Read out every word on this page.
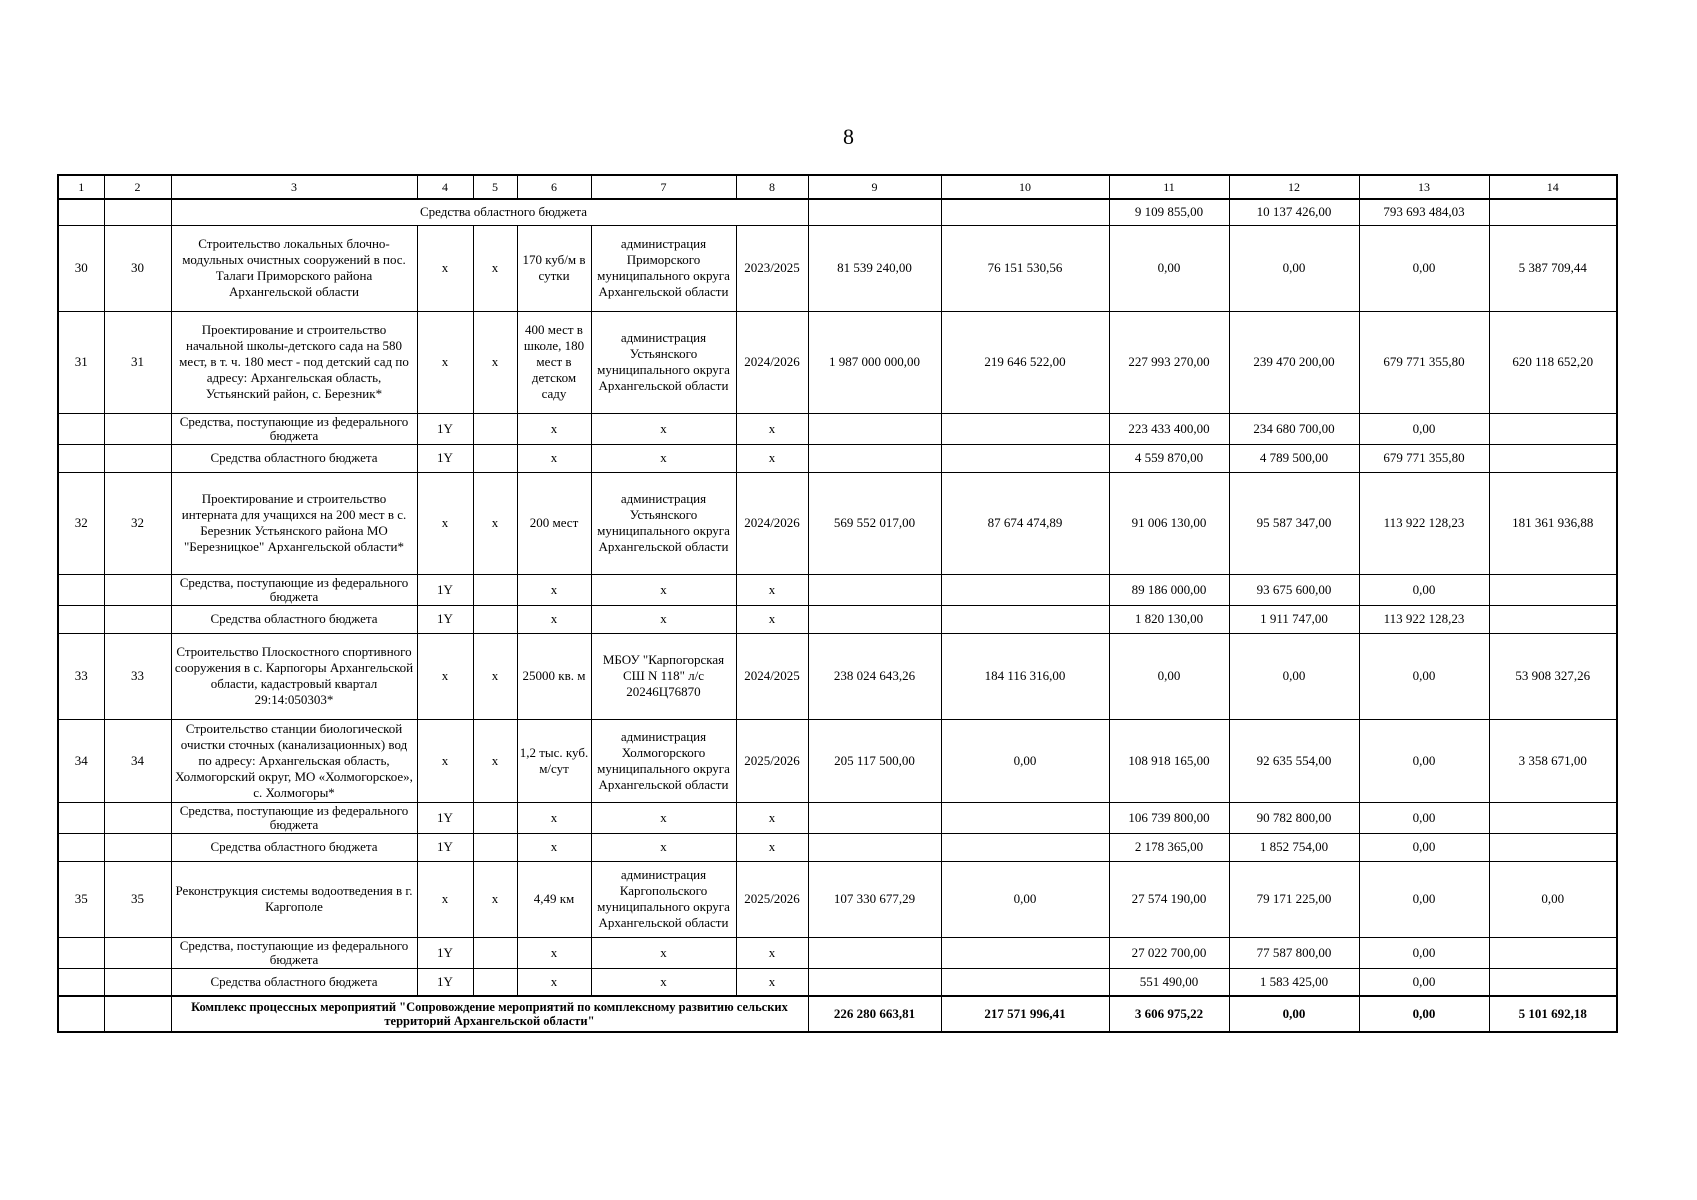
8
1	2	3	4	5	6	7	8	9	10	11	12	13	14
		Средства областного бюджета								9 109 855,00	10 137 426,00	793 693 484,03	
30	30	Строительство локальных блочно-модульных очистных сооружений в пос. Талаги Приморского района Архангельской области	x	x	170 куб/м в сутки	администрация Приморского муниципального округа Архангельской области	2023/2025	81 539 240,00	76 151 530,56	0,00	0,00	0,00	5 387 709,44
31	31	Проектирование и строительство начальной школы-детского сада на 580 мест, в т. ч. 180 мест - под детский сад по адресу: Архангельская область, Устьянский район, с. Березник*	x	x	400 мест в школе, 180 мест в детском саду	администрация Устьянского муниципального округа Архангельской области	2024/2026	1 987 000 000,00	219 646 522,00	227 993 270,00	239 470 200,00	679 771 355,80	620 118 652,20
		Средства, поступающие из федерального бюджета	1Y		x	x	x			223 433 400,00	234 680 700,00	0,00	
		Средства областного бюджета	1Y		x	x	x			4 559 870,00	4 789 500,00	679 771 355,80	
32	32	Проектирование и строительство интерната для учащихся на 200 мест в с. Березник Устьянского района МО "Березницкое" Архангельской области*	x	x	200 мест	администрация Устьянского муниципального округа Архангельской области	2024/2026	569 552 017,00	87 674 474,89	91 006 130,00	95 587 347,00	113 922 128,23	181 361 936,88
		Средства, поступающие из федерального бюджета	1Y		x	x	x			89 186 000,00	93 675 600,00	0,00	
		Средства областного бюджета	1Y		x	x	x			1 820 130,00	1 911 747,00	113 922 128,23	
33	33	Строительство Плоскостного спортивного сооружения в с. Карпогоры Архангельской области, кадастровый квартал 29:14:050303*	x	x	25000 кв. м	МБОУ "Карпогорская СШ N 118" л/с 20246Ц76870	2024/2025	238 024 643,26	184 116 316,00	0,00	0,00	0,00	53 908 327,26
34	34	Строительство станции биологической очистки сточных (канализационных) вод по адресу: Архангельская область, Холмогорский округ, МО «Холмогорское», с. Холмогоры*	x	x	1,2 тыс. куб. м/сут	администрация Холмогорского муниципального округа Архангельской области	2025/2026	205 117 500,00	0,00	108 918 165,00	92 635 554,00	0,00	3 358 671,00
		Средства, поступающие из федерального бюджета	1Y		x	x	x			106 739 800,00	90 782 800,00	0,00	
		Средства областного бюджета	1Y		x	x	x			2 178 365,00	1 852 754,00	0,00	
35	35	Реконструкция системы водоотведения в г. Каргополе	x	x	4,49 км	администрация Каргопольского муниципального округа Архангельской области	2025/2026	107 330 677,29	0,00	27 574 190,00	79 171 225,00	0,00	0,00
		Средства, поступающие из федерального бюджета	1Y		x	x	x			27 022 700,00	77 587 800,00	0,00	
		Средства областного бюджета	1Y		x	x	x			551 490,00	1 583 425,00	0,00	
		Комплекс процессных мероприятий "Сопровождение мероприятий по комплексному развитию сельских территорий Архангельской области"						226 280 663,81	217 571 996,41	3 606 975,22	0,00	0,00	5 101 692,18
